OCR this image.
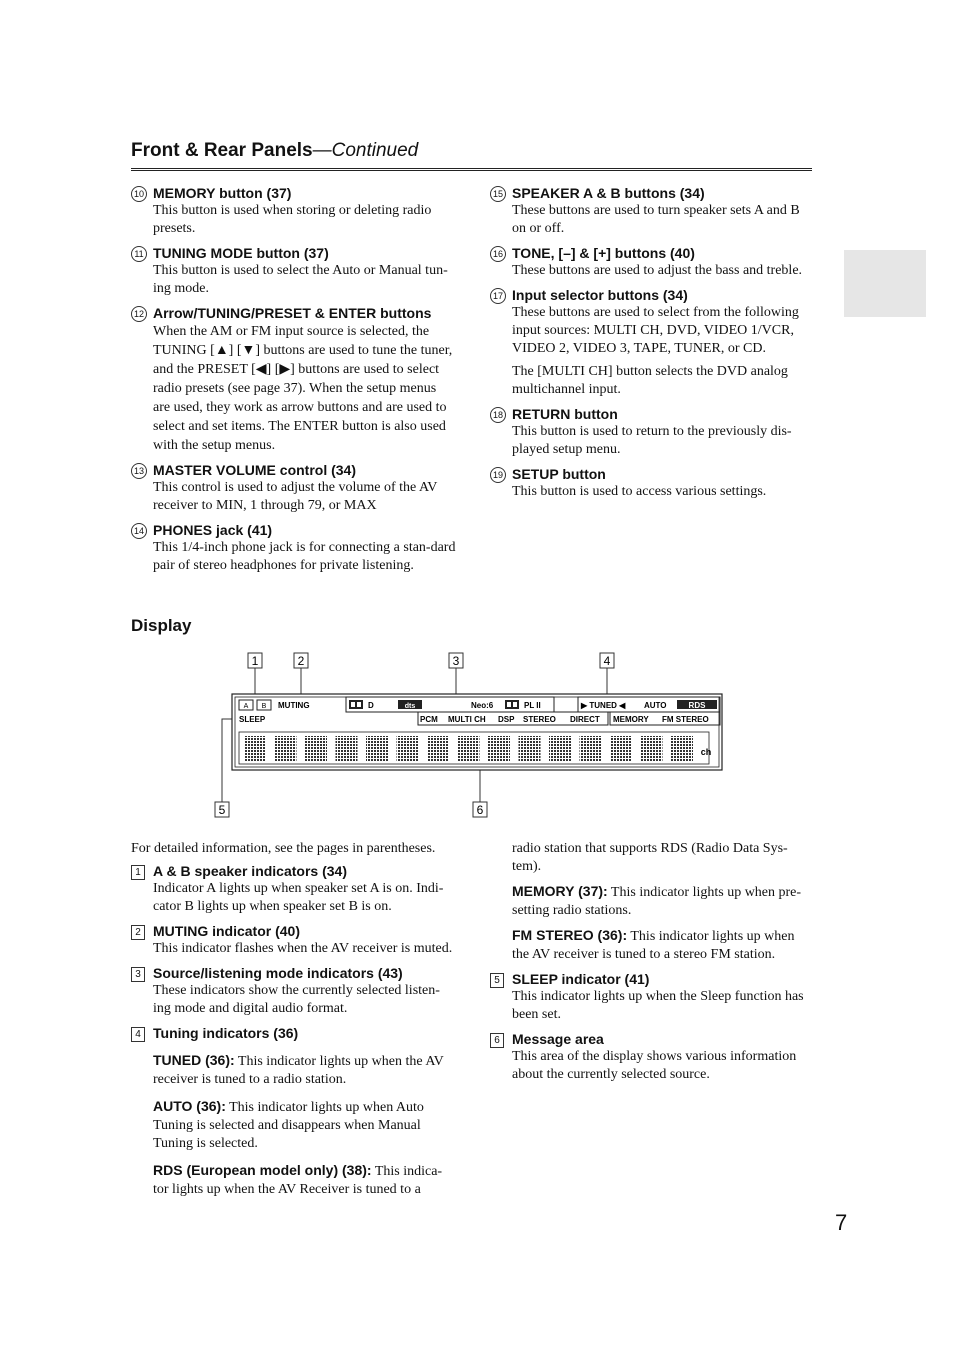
Front & Rear Panels—Continued
10 MEMORY button (37)

This button is used when storing or deleting radio presets.

11 TUNING MODE button (37)

This button is used to select the Auto or Manual tun-ing mode.

12 Arrow/TUNING/PRESET & ENTER buttons

When the AM or FM input source is selected, the TUNING [▲] [▼] buttons are used to tune the tuner, and the PRESET [◀] [▶] buttons are used to select radio presets (see page 37). When the setup menus are used, they work as arrow buttons and are used to select and set items. The ENTER button is also used with the setup menus.

13 MASTER VOLUME control (34)

This control is used to adjust the volume of the AV receiver to MIN, 1 through 79, or MAX

14 PHONES jack (41)

This 1/4-inch phone jack is for connecting a stan-dard pair of stereo headphones for private listening.

15 SPEAKER A & B buttons (34)

These buttons are used to turn speaker sets A and B on or off.

16 TONE, [–] & [+] buttons (40)

These buttons are used to adjust the bass and treble.

17 Input selector buttons (34)

These buttons are used to select from the following input sources: MULTI CH, DVD, VIDEO 1/VCR, VIDEO 2, VIDEO 3, TAPE, TUNER, or CD.

The [MULTI CH] button selects the DVD analog multichannel input.

18 RETURN button

This button is used to return to the previously dis-played setup menu.

19 SETUP button

This button is used to access various settings.

Display
1	2	3	4
5	6
A B MUTING
SLEEP
D	dts	Neo:6	PL II
PCM MULTI CH DSP STEREO DIRECT
▶ TUNED ◀ AUTO	RDS
MEMORY FM STEREO
ch
For detailed information, see the pages in parentheses.
1 A & B speaker indicators (34)

Indicator A lights up when speaker set A is on. Indi-cator B lights up when speaker set B is on.

2 MUTING indicator (40)

This indicator flashes when the AV receiver is muted.

3 Source/listening mode indicators (43)

These indicators show the currently selected listen-ing mode and digital audio format.

4 Tuning indicators (36)

TUNED (36): This indicator lights up when the AV receiver is tuned to a radio station.

AUTO (36): This indicator lights up when Auto Tuning is selected and disappears when Manual Tuning is selected.

RDS (European model only) (38): This indica-tor lights up when the AV Receiver is tuned to a

radio station that supports RDS (Radio Data Sys-tem).

MEMORY (37): This indicator lights up when pre-setting radio stations.

FM STEREO (36): This indicator lights up when the AV receiver is tuned to a stereo FM station.

5 SLEEP indicator (41)

This indicator lights up when the Sleep function has been set.

6 Message area

This area of the display shows various information about the currently selected source.

7
